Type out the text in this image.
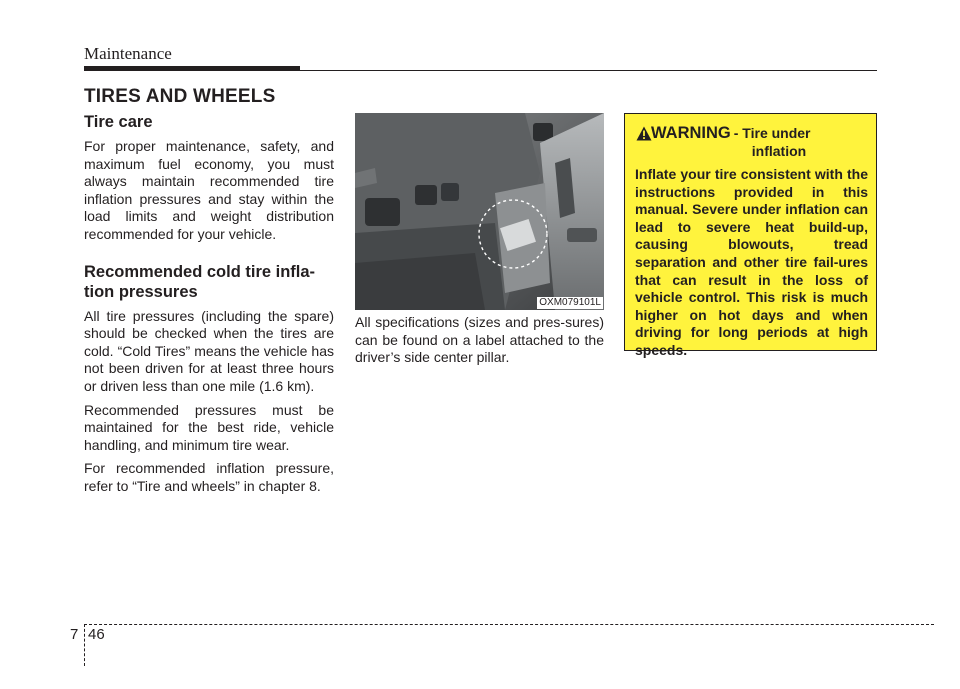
Maintenance
TIRES AND WHEELS
Tire care

For proper maintenance, safety, and maximum fuel economy, you must always maintain recommended tire inflation pressures and stay within the load limits and weight distribution recommended for your vehicle.

Recommended cold tire infla-tion pressures

All tire pressures (including the spare) should be checked when the tires are cold. “Cold Tires” means the vehicle has not been driven for at least three hours or driven less than one mile (1.6 km).

Recommended pressures must be maintained for the best ride, vehicle handling, and minimum tire wear.

For recommended inflation pressure, refer to “Tire and wheels” in chapter 8.

OXM079101L

All specifications (sizes and pres-sures) can be found on a label attached to the driver’s side center pillar.

WARNING - Tire under
inflation

Inflate your tire consistent with the instructions provided in this manual. Severe under inflation can lead to severe heat build-up, causing blowouts, tread separation and other tire fail-ures that can result in the loss of vehicle control. This risk is much higher on hot days and when driving for long periods at high speeds.

7 46
